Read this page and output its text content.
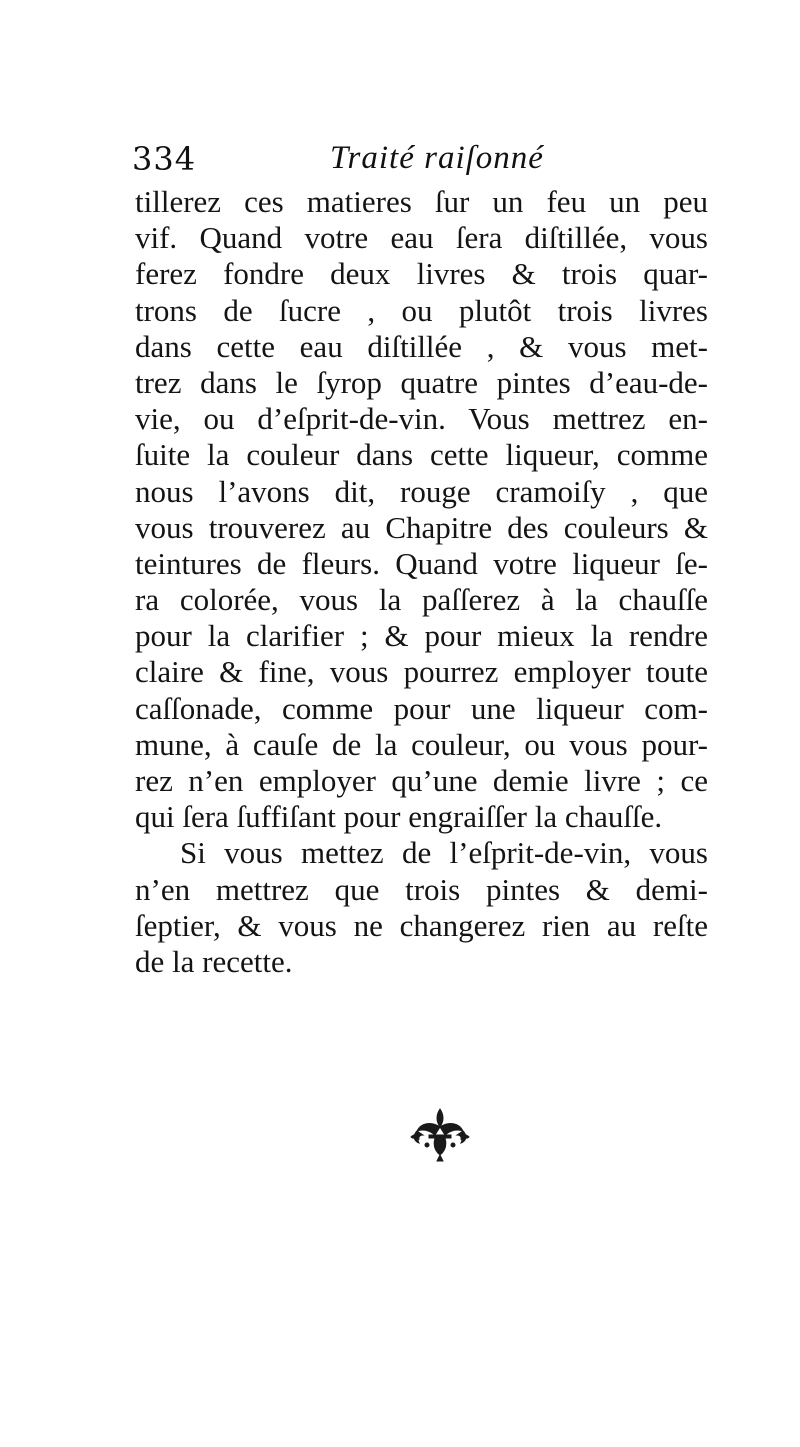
334	Traité raiſonné
tillerez ces matieres ſur un feu un peu
vif. Quand votre eau ſera diſtillée, vous
ferez fondre deux livres & trois quar-
trons de ſucre , ou plutôt trois livres
dans cette eau diſtillée , & vous met-
trez dans le ſyrop quatre pintes d’eau-de-
vie, ou d’eſprit-de-vin. Vous mettrez en-
ſuite la couleur dans cette liqueur, comme
nous l’avons dit, rouge cramoiſy , que
vous trouverez au Chapitre des couleurs &
teintures de fleurs. Quand votre liqueur ſe-
ra colorée, vous la paſſerez à la chauſſe
pour la clarifier ; & pour mieux la rendre
claire & fine, vous pourrez employer toute
caſſonade, comme pour une liqueur com-
mune, à cauſe de la couleur, ou vous pour-
rez n’en employer qu’une demie livre ; ce
qui ſera ſuffiſant pour engraiſſer la chauſſe.
Si vous mettez de l’eſprit-de-vin, vous
n’en mettrez que trois pintes & demi-
ſeptier, & vous ne changerez rien au reſte
de la recette.
